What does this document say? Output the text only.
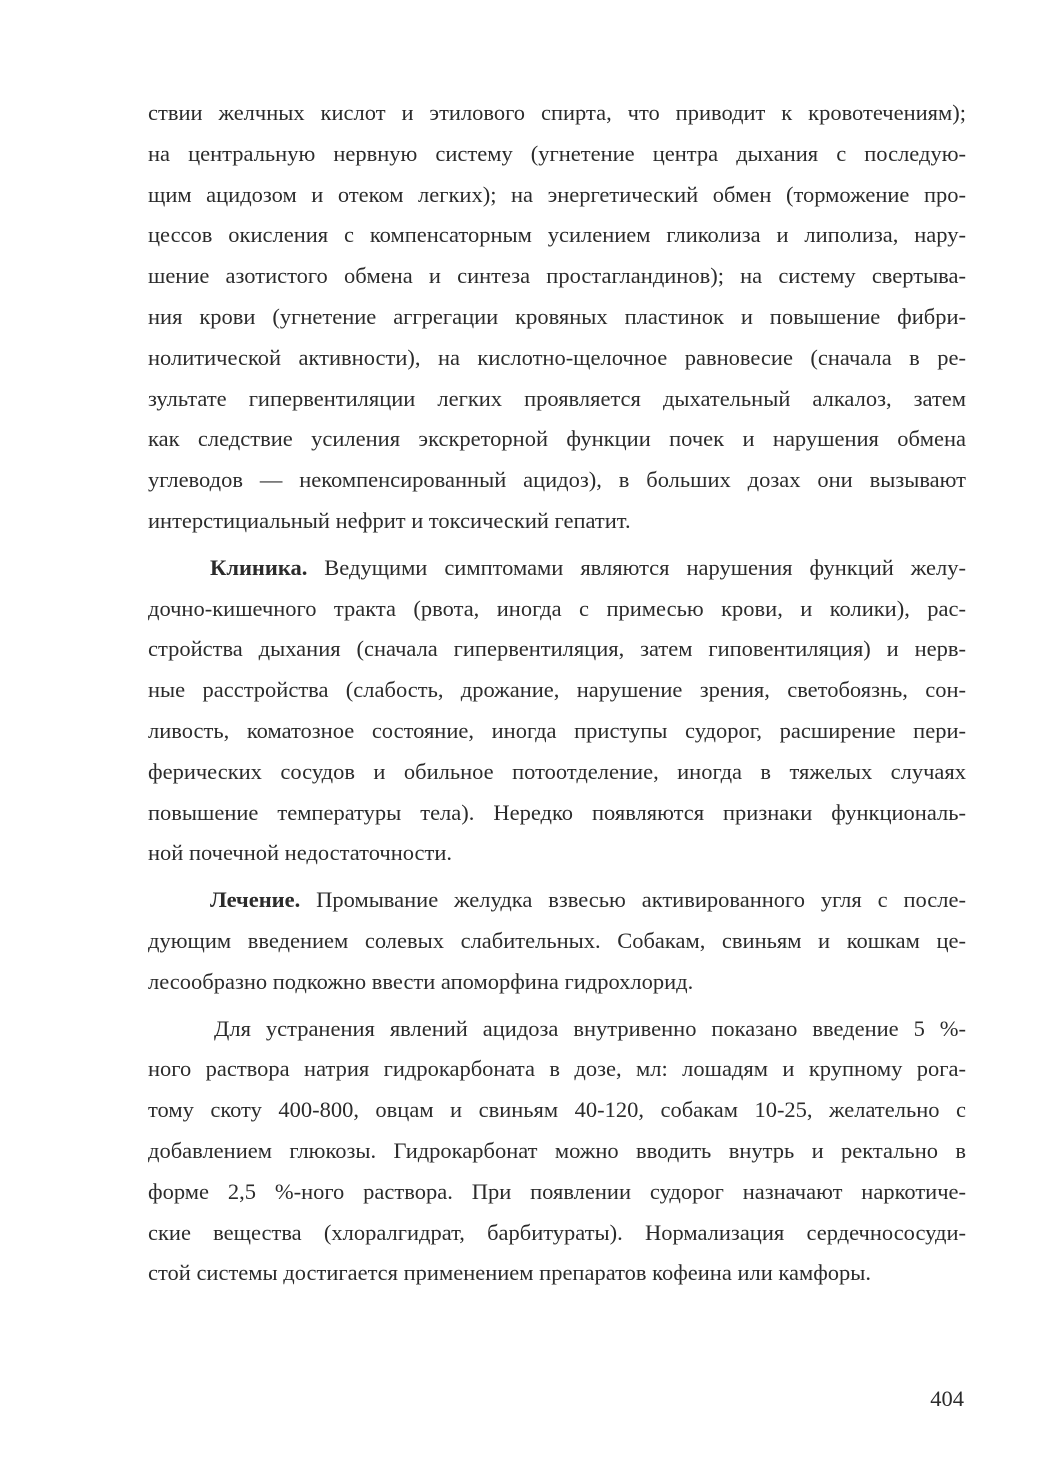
ствии желчных кислот и этилового спирта, что приводит к кровотечениям);
на центральную нервную систему (угнетение центра дыхания с последую-
щим ацидозом и отеком легких); на энергетический обмен (торможение про-
цессов окисления с компенсаторным усилением гликолиза и липолиза, нару-
шение азотистого обмена и синтеза простагландинов); на систему свертыва-
ния крови (угнетение аггрегации кровяных пластинок и повышение фибри-
нолитической активности), на кислотно-щелочное равновесие (сначала в ре-
зультате гипервентиляции легких проявляется дыхательный алкалоз, затем
как следствие усиления экскреторной функции почек и нарушения обмена
углеводов — некомпенсированный ацидоз), в больших дозах они вызывают
интерстициальный нефрит и токсический гепатит.
Клиника. Ведущими симптомами являются нарушения функций желу-
дочно-кишечного тракта (рвота, иногда с примесью крови, и колики), рас-
стройства дыхания (сначала гипервентиляция, затем гиповентиляция) и нерв-
ные расстройства (слабость, дрожание, нарушение зрения, светобоязнь, сон-
ливость, коматозное состояние, иногда приступы судорог, расширение пери-
ферических сосудов и обильное потоотделение, иногда в тяжелых случаях
повышение температуры тела). Нередко появляются признаки функциональ-
ной почечной недостаточности.
Лечение. Промывание желудка взвесью активированного угля с после-
дующим введением солевых слабительных. Собакам, свиньям и кошкам це-
лесообразно подкожно ввести апоморфина гидрохлорид.
Для устранения явлений ацидоза внутривенно показано введение 5 %-
ного раствора натрия гидрокарбоната в дозе, мл: лошадям и крупному рога-
тому скоту 400-800, овцам и свиньям 40-120, собакам 10-25, желательно с
добавлением глюкозы. Гидрокарбонат можно вводить внутрь и ректально в
форме 2,5 %-ного раствора. При появлении судорог назначают наркотиче-
ские вещества (хлоралгидрат, барбитураты). Нормализация сердечнососуди-
стой системы достигается применением препаратов кофеина или камфоры.
404
